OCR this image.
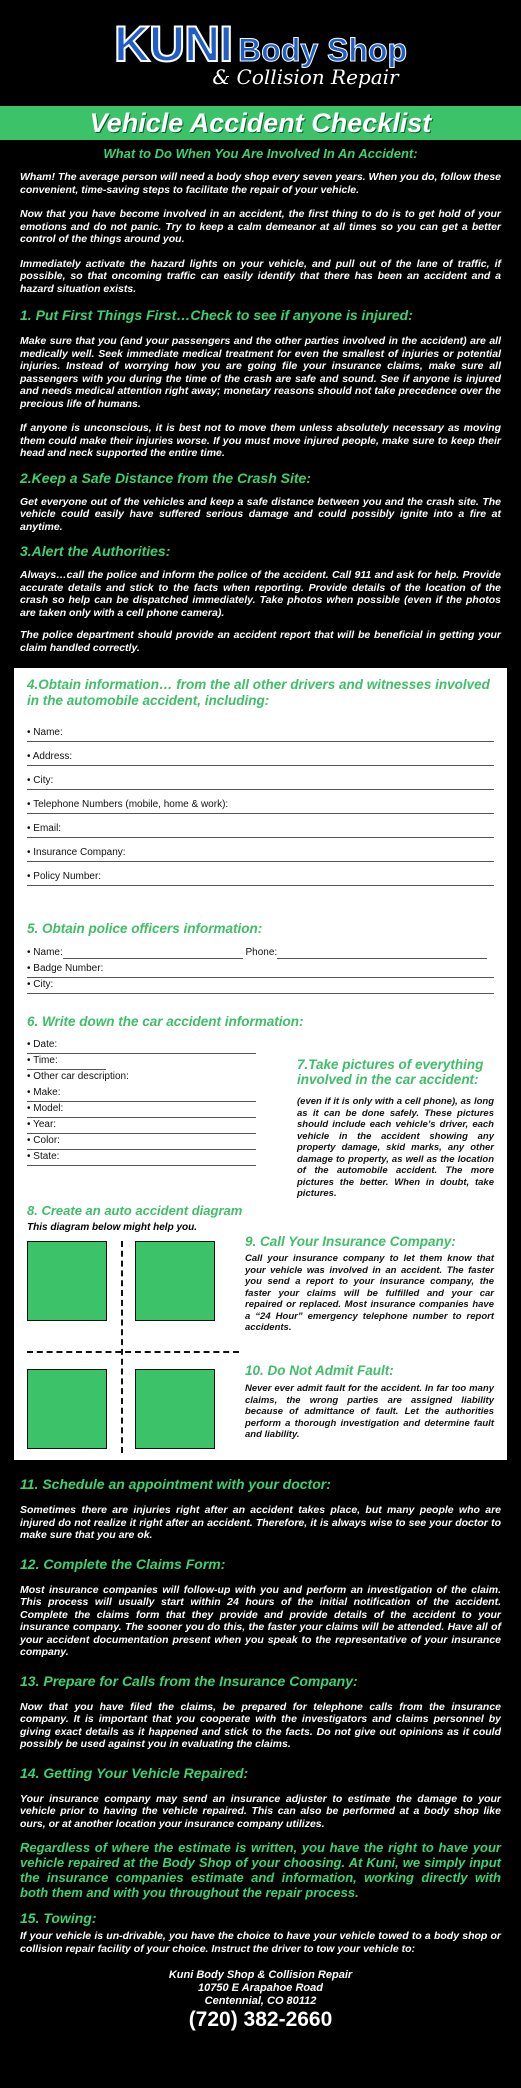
KUNI Body Shop
& Collision Repair
Vehicle Accident Checklist
What to Do When You Are Involved In An Accident:

Wham! The average person will need a body shop every seven years. When you do, follow these convenient, time-saving steps to facilitate the repair of your vehicle.

Now that you have become involved in an accident, the first thing to do is to get hold of your emotions and do not panic. Try to keep a calm demeanor at all times so you can get a better control of the things around you.

Immediately activate the hazard lights on your vehicle, and pull out of the lane of traffic, if possible, so that oncoming traffic can easily identify that there has been an accident and a hazard situation exists.

1. Put First Things First…Check to see if anyone is injured:

Make sure that you (and your passengers and the other parties involved in the accident) are all medically well. Seek immediate medical treatment for even the smallest of injuries or potential injuries. Instead of worrying how you are going file your insurance claims, make sure all passengers with you during the time of the crash are safe and sound. See if anyone is injured and needs medical attention right away; monetary reasons should not take precedence over the precious life of humans.

If anyone is unconscious, it is best not to move them unless absolutely necessary as moving them could make their injuries worse. If you must move injured people, make sure to keep their head and neck supported the entire time.

2.Keep a Safe Distance from the Crash Site:

Get everyone out of the vehicles and keep a safe distance between you and the crash site. The vehicle could easily have suffered serious damage and could possibly ignite into a fire at anytime.

3.Alert the Authorities:

Always…call the police and inform the police of the accident. Call 911 and ask for help. Provide accurate details and stick to the facts when reporting. Provide details of the location of the crash so help can be dispatched immediately. Take photos when possible (even if the photos are taken only with a cell phone camera).

The police department should provide an accident report that will be beneficial in getting your claim handled correctly.

4.Obtain information… from the all other drivers and witnesses involved in the automobile accident, including:
• Name:
• Address:
• City:
• Telephone Numbers (mobile, home & work):
• Email:
• Insurance Company:
• Policy Number:
5. Obtain police officers information:
• Name:	Phone:
• Badge Number:
• City:
6. Write down the car accident information:
• Date:
• Time:
• Other car description:
• Make:
• Model:
• Year:
• Color:
• State:
7.Take pictures of everything involved in the car accident:
(even if it is only with a cell phone), as long as it can be done safely. These pictures should include each vehicle’s driver, each vehicle in the accident showing any property damage, skid marks, any other damage to property, as well as the location of the automobile accident. The more pictures the better. When in doubt, take pictures.
8. Create an auto accident diagram
This diagram below might help you.
9. Call Your Insurance Company:
Call your insurance company to let them know that your vehicle was involved in an accident. The faster you send a report to your insurance company, the faster your claims will be fulfilled and your car repaired or replaced. Most insurance companies have a “24 Hour” emergency telephone number to report accidents.
10. Do Not Admit Fault:
Never ever admit fault for the accident. In far too many claims, the wrong parties are assigned liability because of admittance of fault. Let the authorities perform a thorough investigation and determine fault and liability.
11. Schedule an appointment with your doctor:

Sometimes there are injuries right after an accident takes place, but many people who are injured do not realize it right after an accident. Therefore, it is always wise to see your doctor to make sure that you are ok.

12. Complete the Claims Form:

Most insurance companies will follow-up with you and perform an investigation of the claim. This process will usually start within 24 hours of the initial notification of the accident. Complete the claims form that they provide and provide details of the accident to your insurance company. The sooner you do this, the faster your claims will be attended. Have all of your accident documentation present when you speak to the representative of your insurance company.

13. Prepare for Calls from the Insurance Company:

Now that you have filed the claims, be prepared for telephone calls from the insurance company. It is important that you cooperate with the investigators and claims personnel by giving exact details as it happened and stick to the facts. Do not give out opinions as it could possibly be used against you in evaluating the claims.

14. Getting Your Vehicle Repaired:

Your insurance company may send an insurance adjuster to estimate the damage to your vehicle prior to having the vehicle repaired. This can also be performed at a body shop like ours, or at another location your insurance company utilizes.

Regardless of where the estimate is written, you have the right to have your vehicle repaired at the Body Shop of your choosing. At Kuni, we simply input the insurance companies estimate and information, working directly with both them and with you throughout the repair process.
15. Towing:

If your vehicle is un-drivable, you have the choice to have your vehicle towed to a body shop or collision repair facility of your choice. Instruct the driver to tow your vehicle to:

Kuni Body Shop & Collision Repair
10750 E Arapahoe Road
Centennial, CO 80112
(720) 382-2660
